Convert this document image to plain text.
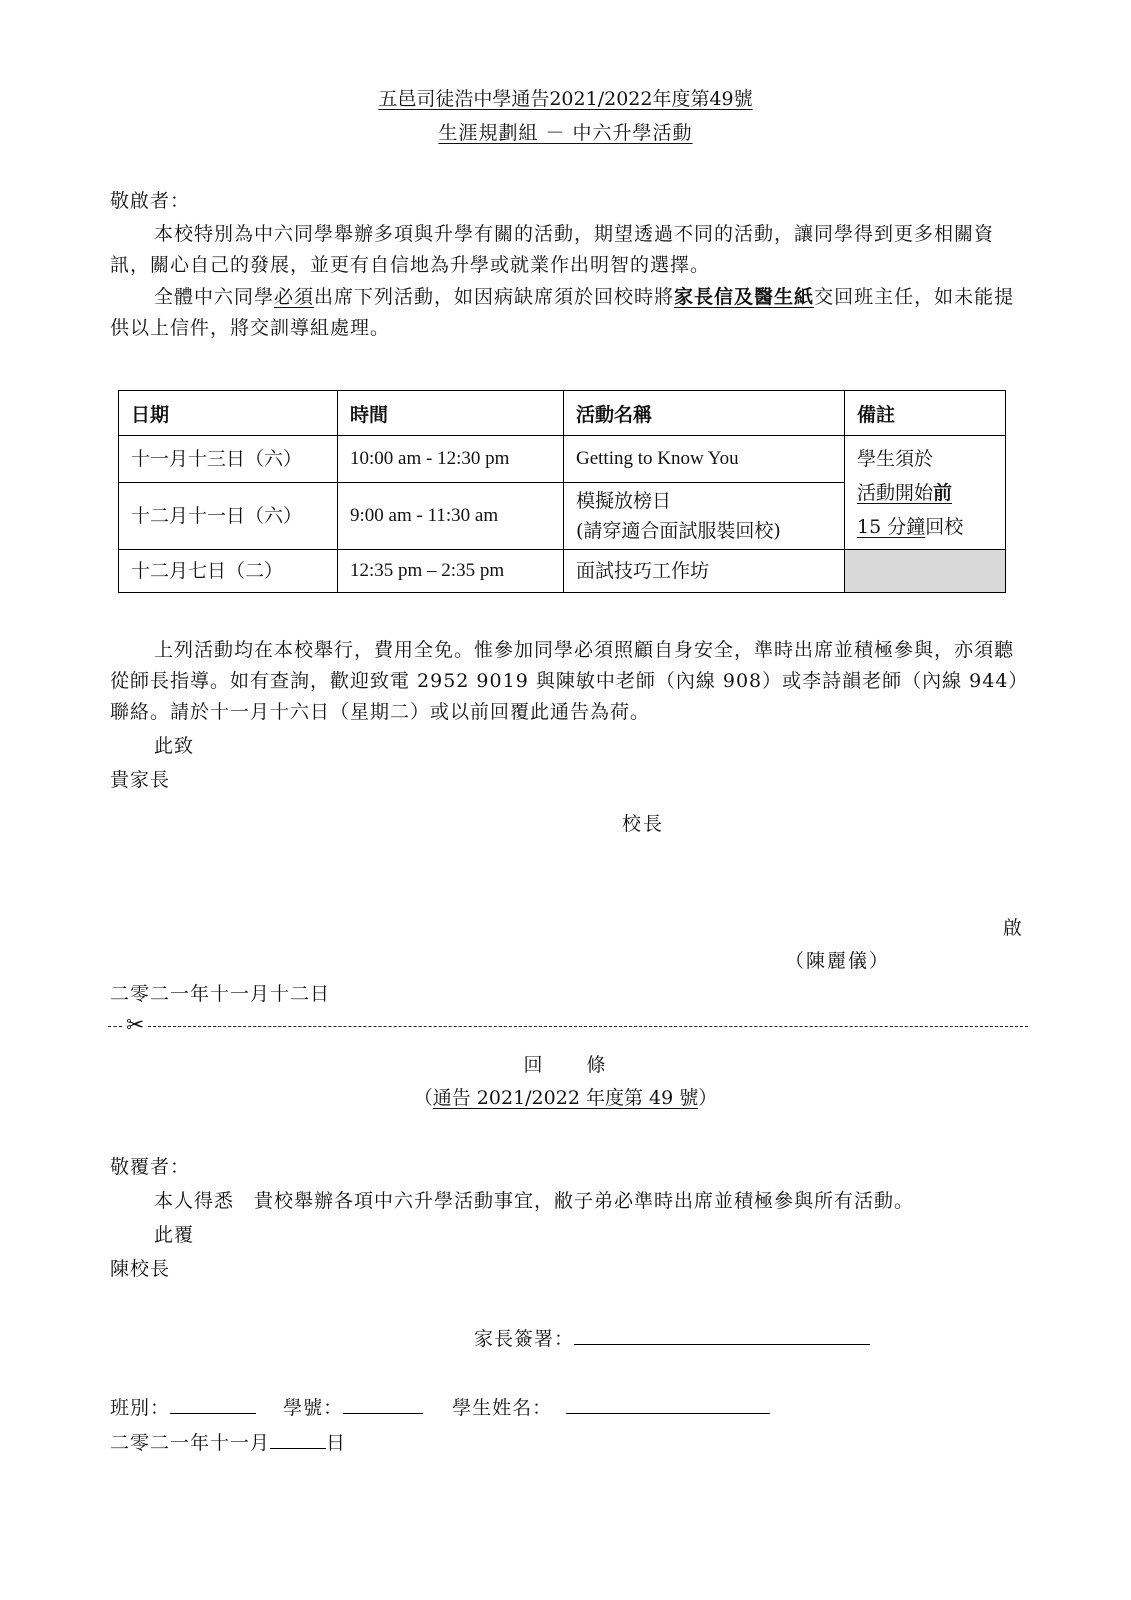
五邑司徒浩中學通告2021/2022年度第49號
生涯規劃組 － 中六升學活動
敬啟者：

本校特別為中六同學舉辦多項與升學有關的活動，期望透過不同的活動，讓同學得到更多相關資訊，關心自己的發展，並更有自信地為升學或就業作出明智的選擇。

全體中六同學必須出席下列活動，如因病缺席須於回校時將家長信及醫生紙交回班主任，如未能提供以上信件，將交訓導組處理。

日期	時間	活動名稱	備註
十一月十三日（六）	10:00 am - 12:30 pm	Getting to Know You	學生須於
活動開始前
15 分鐘回校

十二月十一日（六）	9:00 am - 11:30 am	模擬放榜日
(請穿適合面試服裝回校)	

十二月七日（二）	12:35 pm – 2:35 pm	面試技巧工作坊	

上列活動均在本校舉行，費用全免。惟參加同學必須照顧自身安全，準時出席並積極參與，亦須聽從師長指導。如有查詢，歡迎致電 2952 9019 與陳敏中老師（內線 908）或李詩韻老師（內線 944）聯絡。請於十一月十六日（星期二）或以前回覆此通告為荷。

此致

貴家長

校長
啟
（陳麗儀）
二零二一年十一月十二日
✂
回　　條
（通告 2021/2022 年度第 49 號）
敬覆者：
本人得悉　貴校舉辦各項中六升學活動事宜，敝子弟必準時出席並積極參與所有活動。
此覆
陳校長
家長簽署：
班別：	學號：	學生姓名：
二零二一年十一月	日
